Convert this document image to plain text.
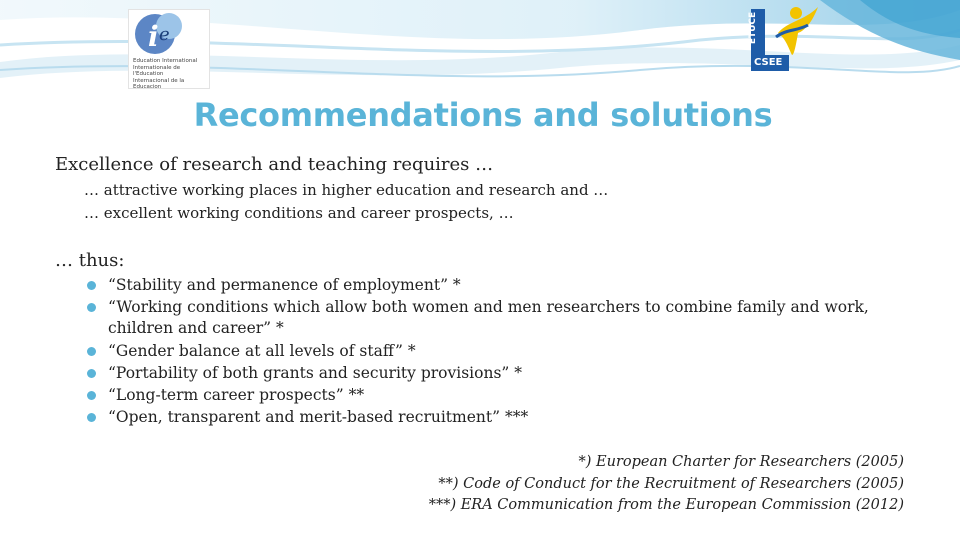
i e
Education International
Internationale de l'Education
Internacional de la Educacion
ETUCE
CSEE
Recommendations and solutions

Excellence of research and teaching requires …

… attractive working places in higher education and research and …

… excellent working conditions and career prospects, …

… thus:

“Stability and permanence of employment” *
“Working conditions which allow both women and men researchers to combine family and work, children and career” *
“Gender balance at all levels of staff” *
“Portability of both grants and security provisions” *
“Long-term career prospects” **
“Open, transparent and merit-based recruitment” ***
*) European Charter for Researchers (2005)
**) Code of Conduct for the Recruitment of Researchers (2005)
***) ERA Communication from the European Commission (2012)
